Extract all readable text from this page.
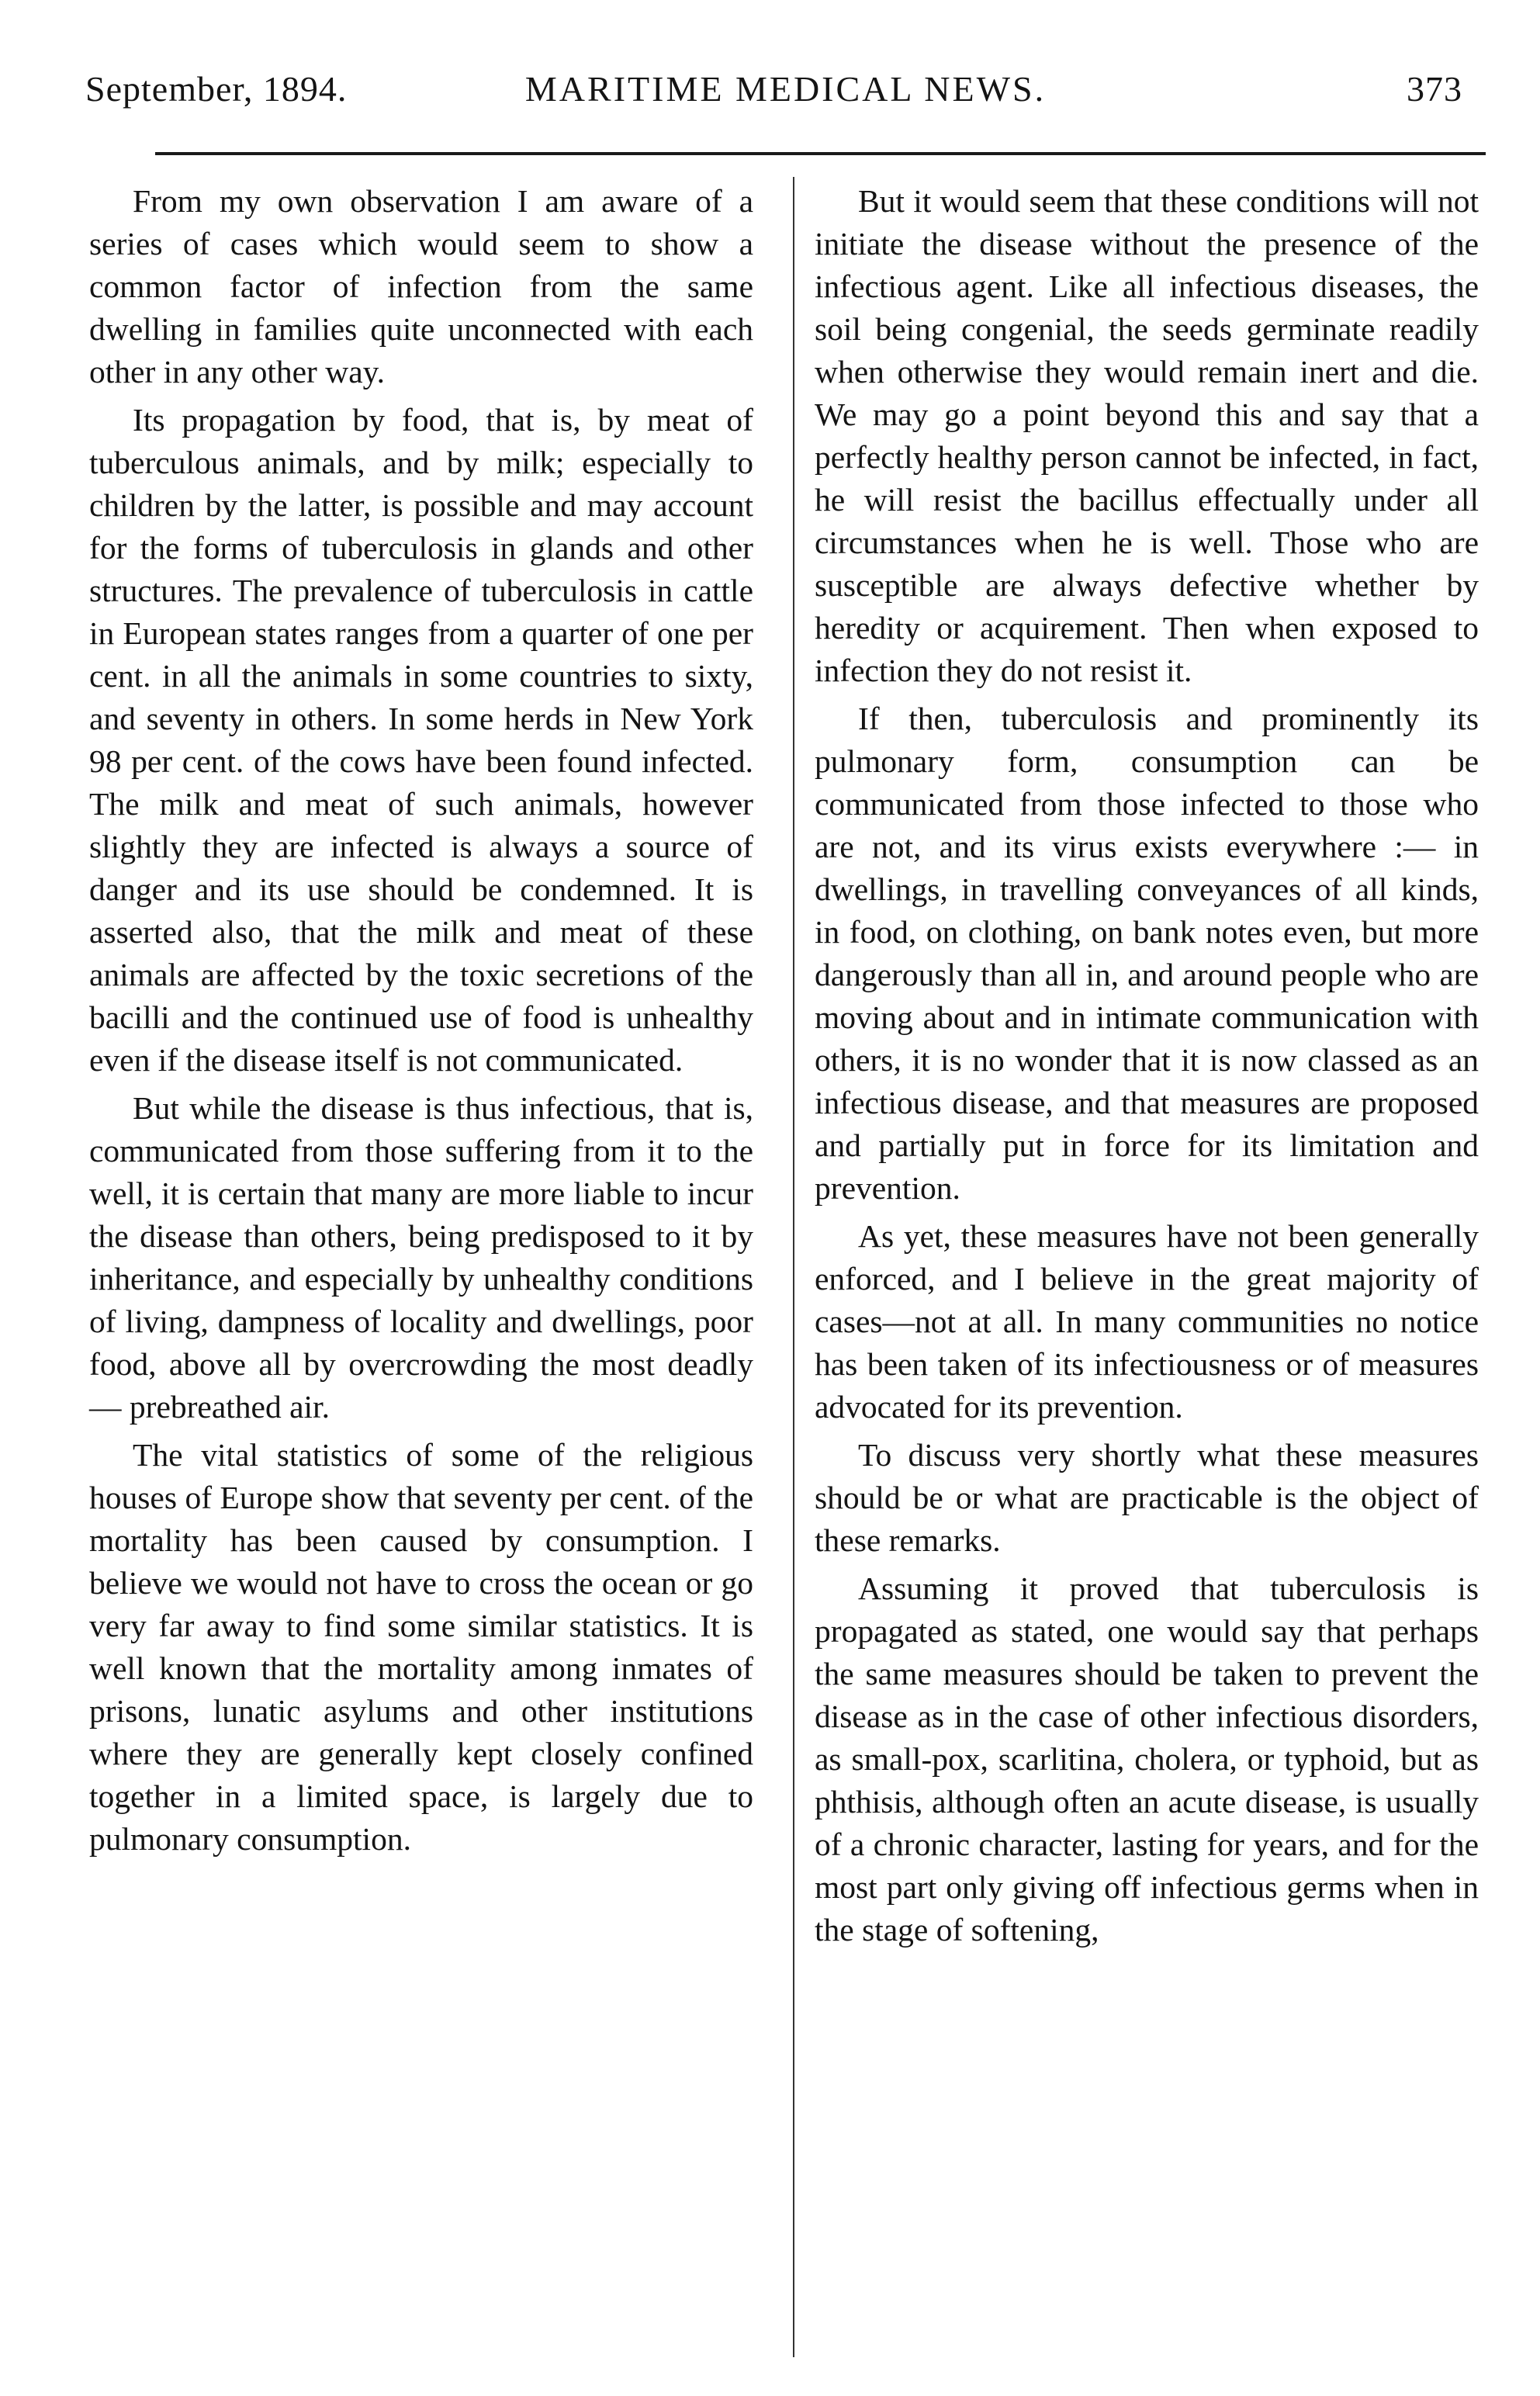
September, 1894.	MARITIME MEDICAL NEWS.	373

From my own observation I am aware of a series of cases which would seem to show a common factor of infection from the same dwelling in families quite unconnected with each other in any other way.

Its propagation by food, that is, by meat of tuberculous animals, and by milk; especially to children by the latter, is possible and may account for the forms of tuberculosis in glands and other structures. The prevalence of tuberculosis in cattle in European states ranges from a quarter of one per cent. in all the animals in some countries to sixty, and seventy in others. In some herds in New York 98 per cent. of the cows have been found infected. The milk and meat of such animals, however slightly they are infected is always a source of danger and its use should be condemned. It is asserted also, that the milk and meat of these animals are affected by the toxic secretions of the bacilli and the continued use of food is unhealthy even if the disease itself is not communicated.

But while the disease is thus infectious, that is, communicated from those suffering from it to the well, it is certain that many are more liable to incur the disease than others, being predisposed to it by inheritance, and especially by unhealthy conditions of living, dampness of locality and dwellings, poor food, above all by overcrowding the most deadly — prebreathed air.

The vital statistics of some of the religious houses of Europe show that seventy per cent. of the mortality has been caused by consumption. I believe we would not have to cross the ocean or go very far away to find some similar statistics. It is well known that the mortality among inmates of prisons, lunatic asylums and other institutions where they are generally kept closely confined together in a limited space, is largely due to pulmonary consumption.

But it would seem that these conditions will not initiate the disease without the presence of the infectious agent. Like all infectious diseases, the soil being congenial, the seeds germinate readily when otherwise they would remain inert and die. We may go a point beyond this and say that a perfectly healthy person cannot be infected, in fact, he will resist the bacillus effectually under all circumstances when he is well. Those who are susceptible are always defective whether by heredity or acquirement. Then when exposed to infection they do not resist it.

If then, tuberculosis and prominently its pulmonary form, consumption can be communicated from those infected to those who are not, and its virus exists everywhere :— in dwellings, in travelling conveyances of all kinds, in food, on clothing, on bank notes even, but more dangerously than all in, and around people who are moving about and in intimate communication with others, it is no wonder that it is now classed as an infectious disease, and that measures are proposed and partially put in force for its limitation and prevention.

As yet, these measures have not been generally enforced, and I believe in the great majority of cases—not at all. In many communities no notice has been taken of its infectiousness or of measures advocated for its prevention.

To discuss very shortly what these measures should be or what are practicable is the object of these remarks.

Assuming it proved that tuberculosis is propagated as stated, one would say that perhaps the same measures should be taken to prevent the disease as in the case of other infectious disorders, as small-pox, scarlitina, cholera, or typhoid, but as phthisis, although often an acute disease, is usually of a chronic character, lasting for years, and for the most part only giving off infectious germs when in the stage of softening,
